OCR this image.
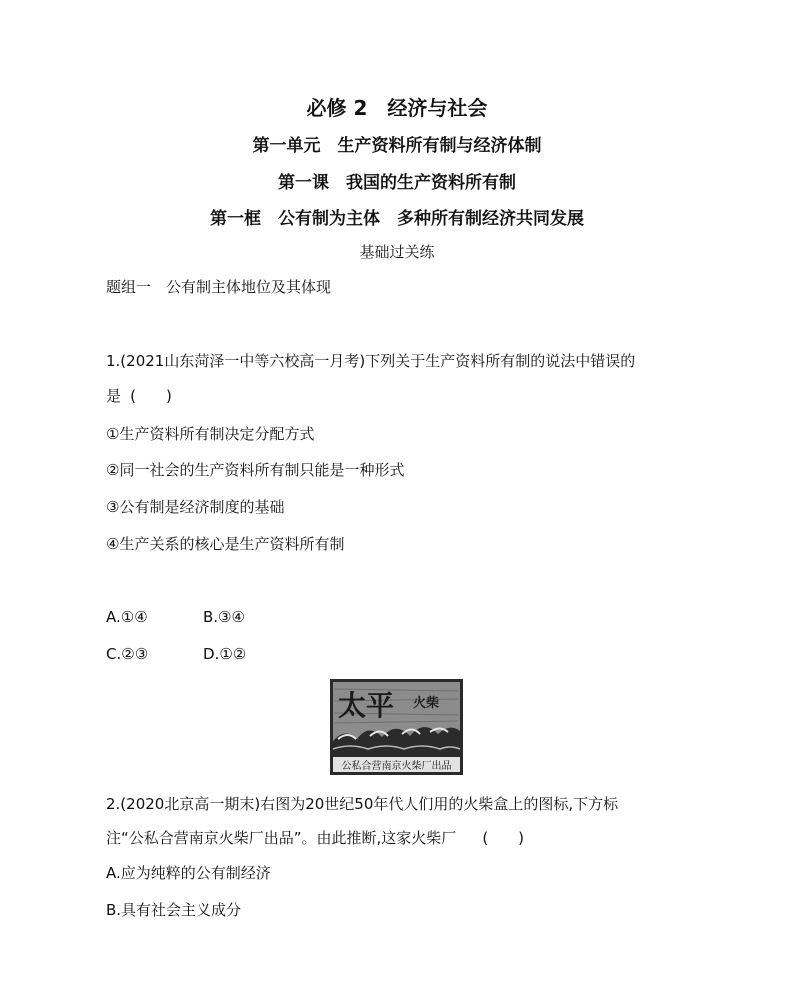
必修 2　经济与社会
第一单元　生产资料所有制与经济体制
第一课　我国的生产资料所有制
第一框　公有制为主体　多种所有制经济共同发展
基础过关练
题组一　公有制主体地位及其体现
1.(2021山东菏泽一中等六校高一月考)下列关于生产资料所有制的说法中错误的
是 (　　)
①生产资料所有制决定分配方式
②同一社会的生产资料所有制只能是一种形式
③公有制是经济制度的基础
④生产关系的核心是生产资料所有制
A.①④	B.③④
C.②③	D.①②
太平 火柴
公私合营南京火柴厂出品
2.(2020北京高一期末)右图为20世纪50年代人们用的火柴盒上的图标,下方标
注“公私合营南京火柴厂出品”。由此推断,这家火柴厂 (　　)
A.应为纯粹的公有制经济
B.具有社会主义成分
